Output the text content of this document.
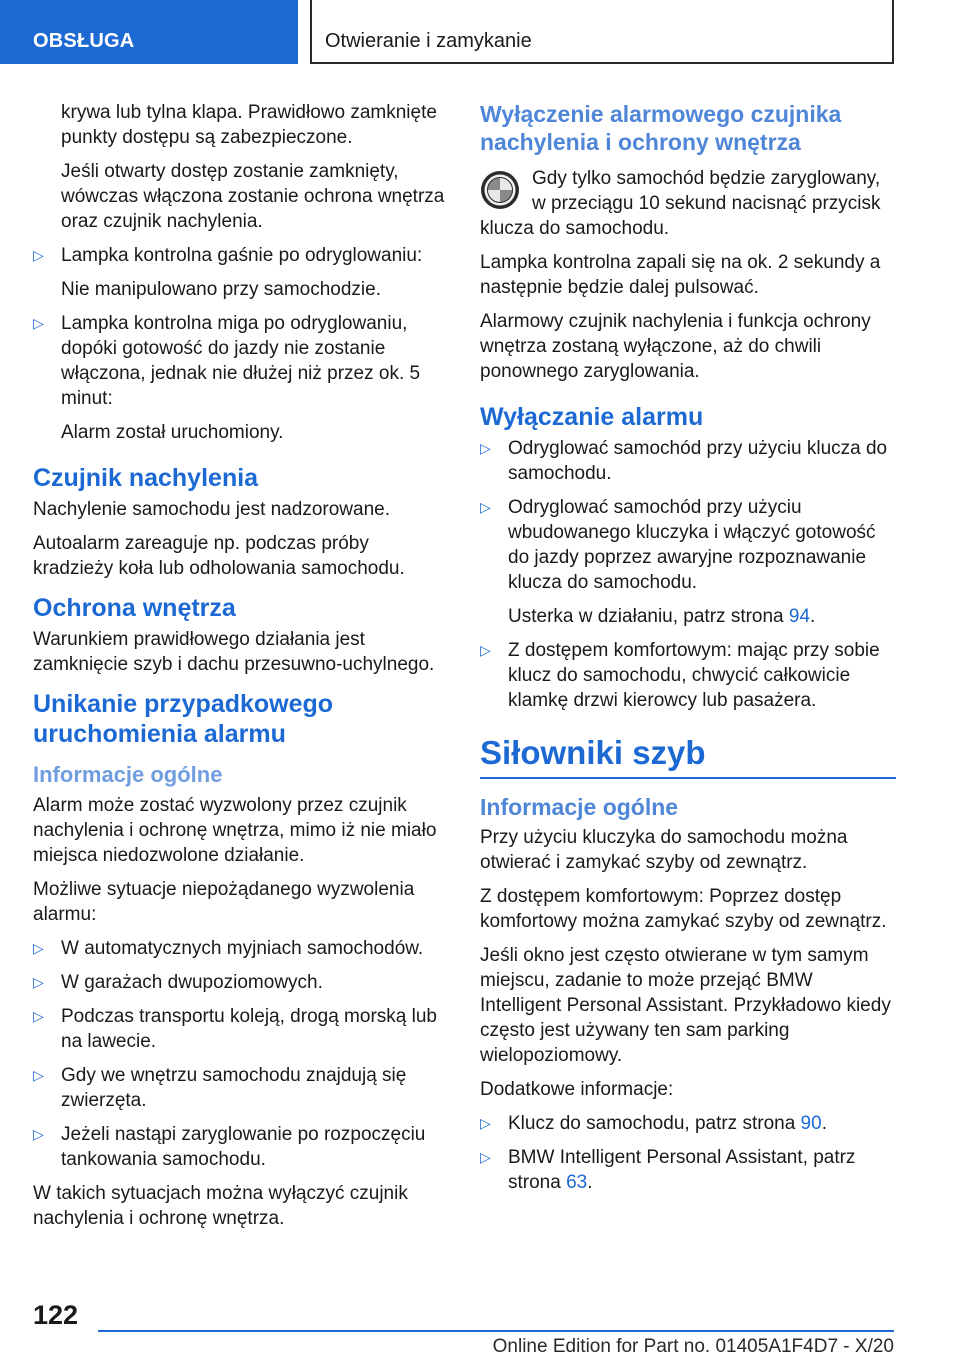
OBSŁUGA	Otwieranie i zamykanie

krywa lub tylna klapa. Prawidłowo zamknięte punkty dostępu są zabezpieczone.

Jeśli otwarty dostęp zostanie zamknięty, wówczas włączona zostanie ochrona wnętrza oraz czujnik nachylenia.

▷ Lampka kontrolna gaśnie po odryglowaniu:

Nie manipulowano przy samochodzie.

▷ Lampka kontrolna miga po odryglowaniu, dopóki gotowość do jazdy nie zostanie włączona, jednak nie dłużej niż przez ok. 5 minut:

Alarm został uruchomiony.

Czujnik nachylenia

Nachylenie samochodu jest nadzorowane.

Autoalarm zareaguje np. podczas próby kradzieży koła lub odholowania samochodu.

Ochrona wnętrza

Warunkiem prawidłowego działania jest zamknięcie szyb i dachu przesuwno-uchylnego.

Unikanie przypadkowego uruchomienia alarmu
Informacje ogólne

Alarm może zostać wyzwolony przez czujnik nachylenia i ochronę wnętrza, mimo iż nie miało miejsca niedozwolone działanie.

Możliwe sytuacje niepożądanego wyzwolenia alarmu:

▷ W automatycznych myjniach samochodów.
▷ W garażach dwupoziomowych.
▷ Podczas transportu koleją, drogą morską lub na lawecie.
▷ Gdy we wnętrzu samochodu znajdują się zwierzęta.
▷ Jeżeli nastąpi zaryglowanie po rozpoczęciu tankowania samochodu.

W takich sytuacjach można wyłączyć czujnik nachylenia i ochronę wnętrza.

Wyłączenie alarmowego czujnika nachylenia i ochrony wnętrza

Gdy tylko samochód będzie zaryglowany, w przeciągu 10 sekund nacisnąć przycisk klucza do samochodu.

Lampka kontrolna zapali się na ok. 2 sekundy a następnie będzie dalej pulsować.

Alarmowy czujnik nachylenia i funkcja ochrony wnętrza zostaną wyłączone, aż do chwili ponownego zaryglowania.

Wyłączanie alarmu
▷ Odryglować samochód przy użyciu klucza do samochodu.
▷ Odryglować samochód przy użyciu wbudowanego kluczyka i włączyć gotowość do jazdy poprzez awaryjne rozpoznawanie klucza do samochodu.

Usterka w działaniu, patrz strona 94.

▷ Z dostępem komfortowym: mając przy sobie klucz do samochodu, chwycić całkowicie klamkę drzwi kierowcy lub pasażera.
Siłowniki szyb
Informacje ogólne

Przy użyciu kluczyka do samochodu można otwierać i zamykać szyby od zewnątrz.

Z dostępem komfortowym: Poprzez dostęp komfortowy można zamykać szyby od zewnątrz.

Jeśli okno jest często otwierane w tym samym miejscu, zadanie to może przejąć BMW Intelligent Personal Assistant. Przykładowo kiedy często jest używany ten sam parking wielopoziomowy.

Dodatkowe informacje:

▷ Klucz do samochodu, patrz strona 90.
▷ BMW Intelligent Personal Assistant, patrz strona 63.
122
Online Edition for Part no. 01405A1F4D7 - X/20
